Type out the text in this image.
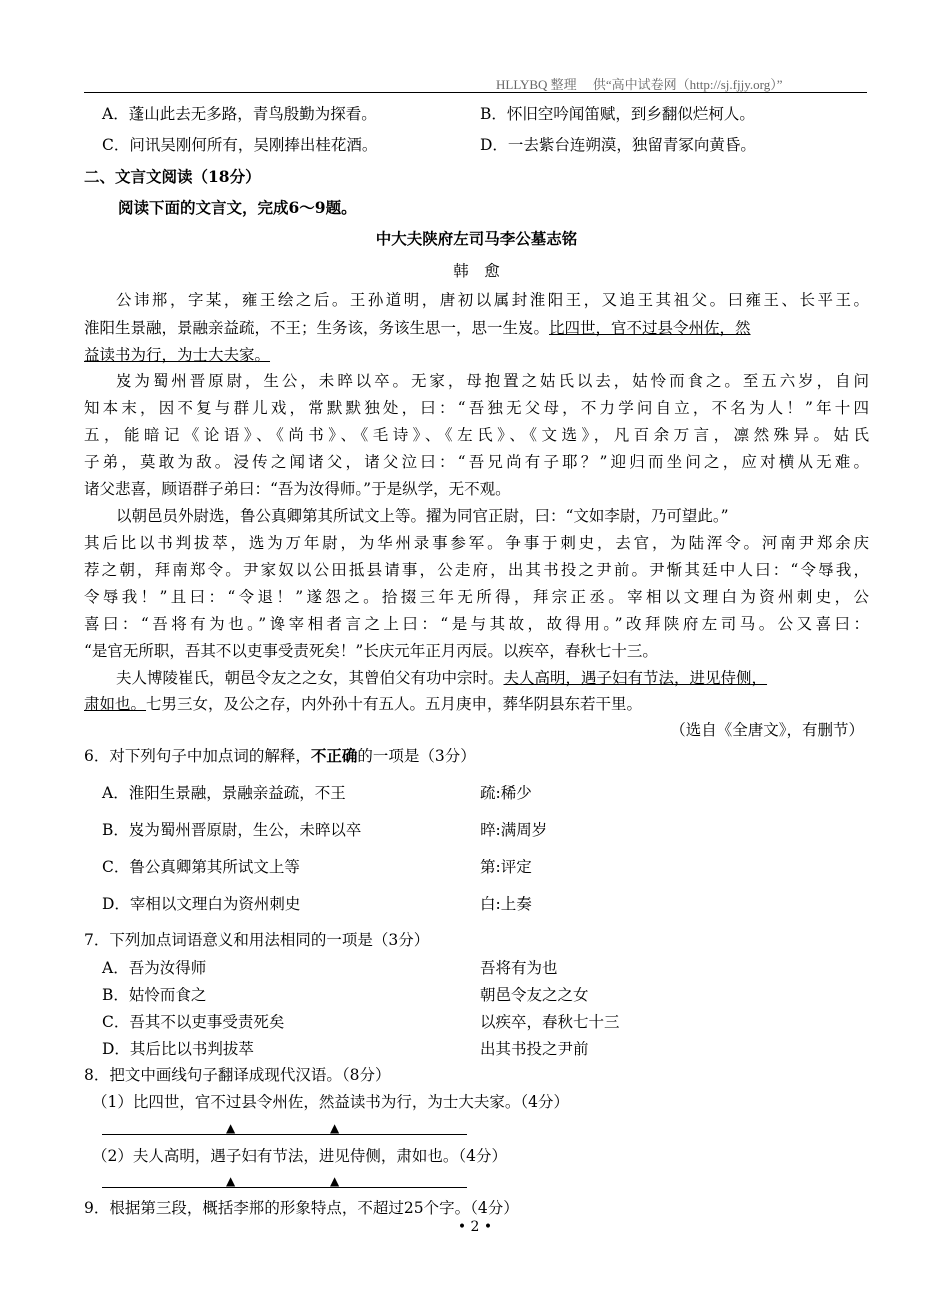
HLLYBQ 整理　 供“高中试卷网（http://sj.fjjy.org）”
A．蓬山此去无多路，青鸟殷勤为探看。	B．怀旧空吟闻笛赋，到乡翻似烂柯人。
C．问讯吴刚何所有，吴刚捧出桂花酒。	D．一去紫台连朔漠，独留青冢向黄昏。
二、文言文阅读（18分）
阅读下面的文言文，完成6～9题。
中大夫陕府左司马李公墓志铭
韩　愈
公讳郱，字某，雍王绘之后。王孙道明，唐初以属封淮阳王，又追王其祖父。曰雍王、长平王。
淮阳生景融，景融亲益疏，不王；生务该，务该生思一，思一生岌。比四世，官不过县令州佐，然
益读书为行，为士大夫家。
岌为蜀州晋原尉，生公，未晬以卒。无家，母抱置之姑氏以去，姑怜而食之。至五六岁，自问
知本末，因不复与群儿戏，常默默独处，曰：“吾独无父母，不力学问自立，不名为人！”年十四
五，能暗记《论语》、《尚书》、《毛诗》、《左氏》、《文选》，凡百余万言，凛然殊异。姑氏
子弟，莫敢为敌。浸传之闻诸父，诸父泣曰：“吾兄尚有子耶？”迎归而坐问之，应对横从无难。
诸父悲喜，顾语群子弟曰：“吾为汝得师。”于是纵学，无不观。
以朝邑员外尉选，鲁公真卿第其所试文上等。擢为同官正尉，曰：“文如李尉，乃可望此。”
其后比以书判拔萃，选为万年尉，为华州录事参军。争事于刺史，去官，为陆浑令。河南尹郑余庆
荐之朝，拜南郑令。尹家奴以公田抵县请事，公走府，出其书投之尹前。尹惭其廷中人曰：“令辱我，
令辱我！”且曰：“令退！”遂怨之。拾掇三年无所得，拜宗正丞。宰相以文理白为资州刺史，公
喜曰：“吾将有为也。”谗宰相者言之上曰：“是与其故，故得用。”改拜陕府左司马。公又喜曰：
“是官无所职，吾其不以吏事受责死矣！”长庆元年正月丙辰。以疾卒，春秋七十三。
夫人博陵崔氏，朝邑令友之之女，其曾伯父有功中宗时。夫人高明，遇子妇有节法，进见侍侧，
肃如也。七男三女，及公之存，内外孙十有五人。五月庚申，葬华阴县东若干里。
（选自《全唐文》，有删节）
6．对下列句子中加点词的解释，不正确的一项是（3分）
A．淮阳生景融，景融亲益疏，不王	疏:稀少
B．岌为蜀州晋原尉，生公，未晬以卒	晬:满周岁
C．鲁公真卿第其所试文上等	第:评定
D．宰相以文理白为资州刺史	白:上奏
7．下列加点词语意义和用法相同的一项是（3分）
A．吾为汝得师	吾将有为也
B．姑怜而食之	朝邑令友之之女
C．吾其不以吏事受责死矣	以疾卒，春秋七十三
D．其后比以书判拔萃	出其书投之尹前
8．把文中画线句子翻译成现代汉语。（8分）
（1）比四世，官不过县令州佐，然益读书为行，为士大夫家。（4分）
▲	▲
（2）夫人高明，遇子妇有节法，进见侍侧，肃如也。（4分）
▲	▲
9．根据第三段，概括李郱的形象特点，不超过25个字。（4分）
• 2 •
